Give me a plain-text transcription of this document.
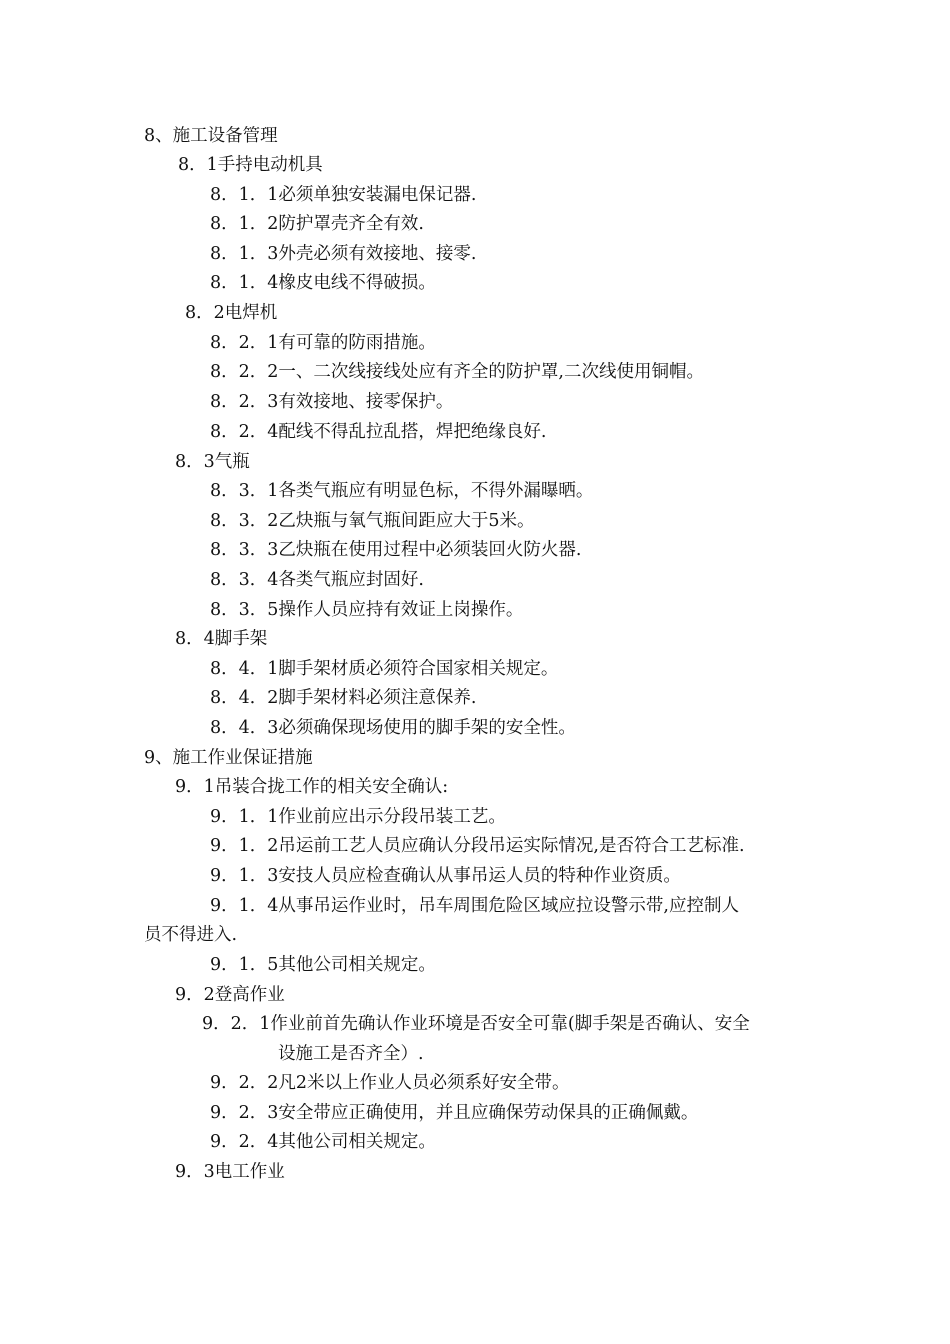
8、施工设备管理
8．1手持电动机具
8．1．1必须单独安装漏电保记器.
8．1．2防护罩壳齐全有效.
8．1．3外壳必须有效接地、接零.
8．1．4橡皮电线不得破损。
8．2电焊机
8．2．1有可靠的防雨措施。
8．2．2一、二次线接线处应有齐全的防护罩,二次线使用铜帽。
8．2．3有效接地、接零保护。
8．2．4配线不得乱拉乱搭，焊把绝缘良好.
8．3气瓶
8．3．1各类气瓶应有明显色标，不得外漏曝晒。
8．3．2乙炔瓶与氧气瓶间距应大于5米。
8．3．3乙炔瓶在使用过程中必须装回火防火器.
8．3．4各类气瓶应封固好.
8．3．5操作人员应持有效证上岗操作。
8．4脚手架
8．4．1脚手架材质必须符合国家相关规定。
8．4．2脚手架材料必须注意保养.
8．4．3必须确保现场使用的脚手架的安全性。
9、施工作业保证措施
9．1吊装合拢工作的相关安全确认:
9．1．1作业前应出示分段吊装工艺。
9．1．2吊运前工艺人员应确认分段吊运实际情况,是否符合工艺标准.
9．1．3安技人员应检查确认从事吊运人员的特种作业资质。
9．1．4从事吊运作业时，吊车周围危险区域应拉设警示带,应控制人
员不得进入.
9．1．5其他公司相关规定。
9．2登高作业
9．2．1作业前首先确认作业环境是否安全可靠(脚手架是否确认、安全
设施工是否齐全）.
9．2．2凡2米以上作业人员必须系好安全带。
9．2．3安全带应正确使用，并且应确保劳动保具的正确佩戴。
9．2．4其他公司相关规定。
9．3电工作业
